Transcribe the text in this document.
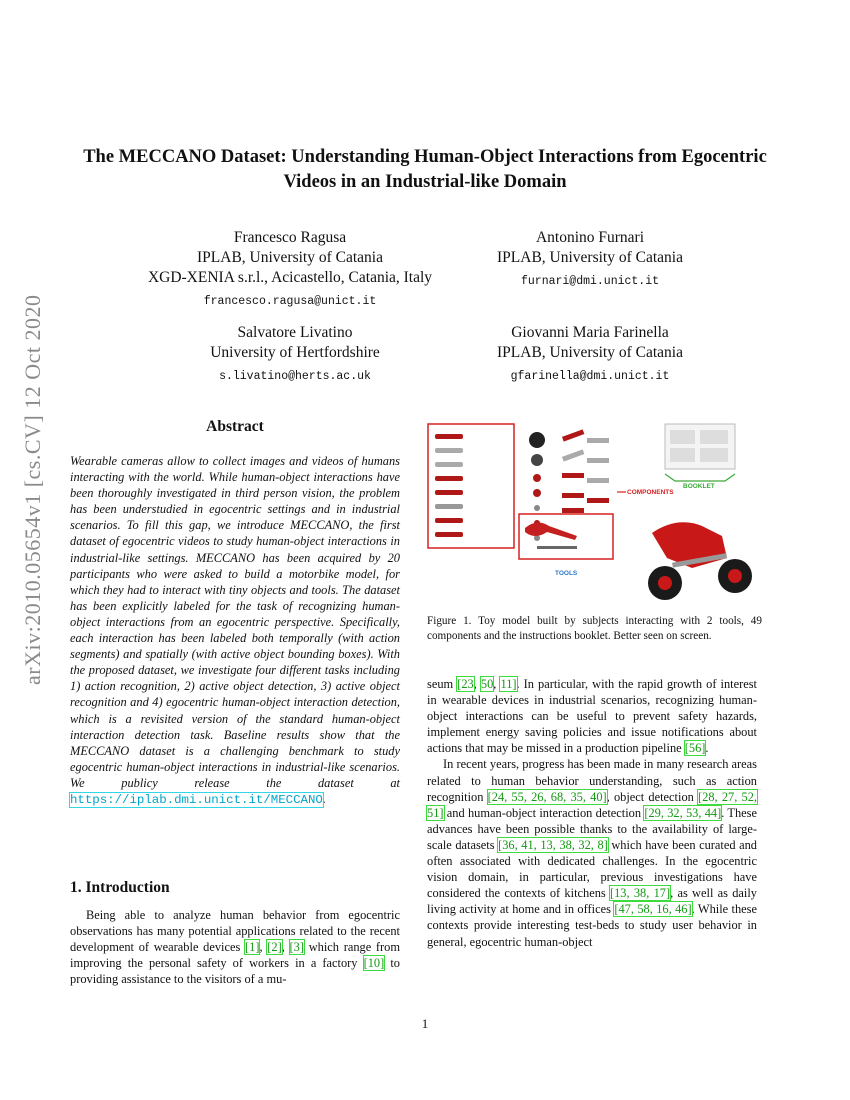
arXiv:2010.05654v1 [cs.CV] 12 Oct 2020
The MECCANO Dataset: Understanding Human-Object Interactions from Egocentric Videos in an Industrial-like Domain
Francesco Ragusa
IPLAB, University of Catania
XGD-XENIA s.r.l., Acicastello, Catania, Italy
francesco.ragusa@unict.it
Antonino Furnari
IPLAB, University of Catania
furnari@dmi.unict.it
Salvatore Livatino
University of Hertfordshire
s.livatino@herts.ac.uk
Giovanni Maria Farinella
IPLAB, University of Catania
gfarinella@dmi.unict.it
Abstract
Wearable cameras allow to collect images and videos of humans interacting with the world. While human-object interactions have been thoroughly investigated in third person vision, the problem has been understudied in egocentric settings and in industrial scenarios. To fill this gap, we introduce MECCANO, the first dataset of egocentric videos to study human-object interactions in industrial-like settings. MECCANO has been acquired by 20 participants who were asked to build a motorbike model, for which they had to interact with tiny objects and tools. The dataset has been explicitly labeled for the task of recognizing human-object interactions from an egocentric perspective. Specifically, each interaction has been labeled both temporally (with action segments) and spatially (with active object bounding boxes). With the proposed dataset, we investigate four different tasks including 1) action recognition, 2) active object detection, 3) active object recognition and 4) egocentric human-object interaction detection, which is a revisited version of the standard human-object interaction detection task. Baseline results show that the MECCANO dataset is a challenging benchmark to study egocentric human-object interactions in industrial-like scenarios. We publicy release the dataset at https://iplab.dmi.unict.it/MECCANO.
TOOLS
COMPONENTS
BOOKLET
Figure 1. Toy model built by subjects interacting with 2 tools, 49 components and the instructions booklet. Better seen on screen.
1. Introduction
Being able to analyze human behavior from egocentric observations has many potential applications related to the recent development of wearable devices [1], [2], [3] which range from improving the personal safety of workers in a factory [10] to providing assistance to the visitors of a mu-

seum [23, 50, 11]. In particular, with the rapid growth of interest in wearable devices in industrial scenarios, recognizing human-object interactions can be useful to prevent safety hazards, implement energy saving policies and issue notifications about actions that may be missed in a production pipeline [56].

In recent years, progress has been made in many research areas related to human behavior understanding, such as action recognition [24, 55, 26, 68, 35, 40], object detection [28, 27, 52, 51] and human-object interaction detection [29, 32, 53, 44]. These advances have been possible thanks to the availability of large-scale datasets [36, 41, 13, 38, 32, 8] which have been curated and often associated with dedicated challenges. In the egocentric vision domain, in particular, previous investigations have considered the contexts of kitchens [13, 38, 17], as well as daily living activity at home and in offices [47, 58, 16, 46]. While these contexts provide interesting test-beds to study user behavior in general, egocentric human-object

1
